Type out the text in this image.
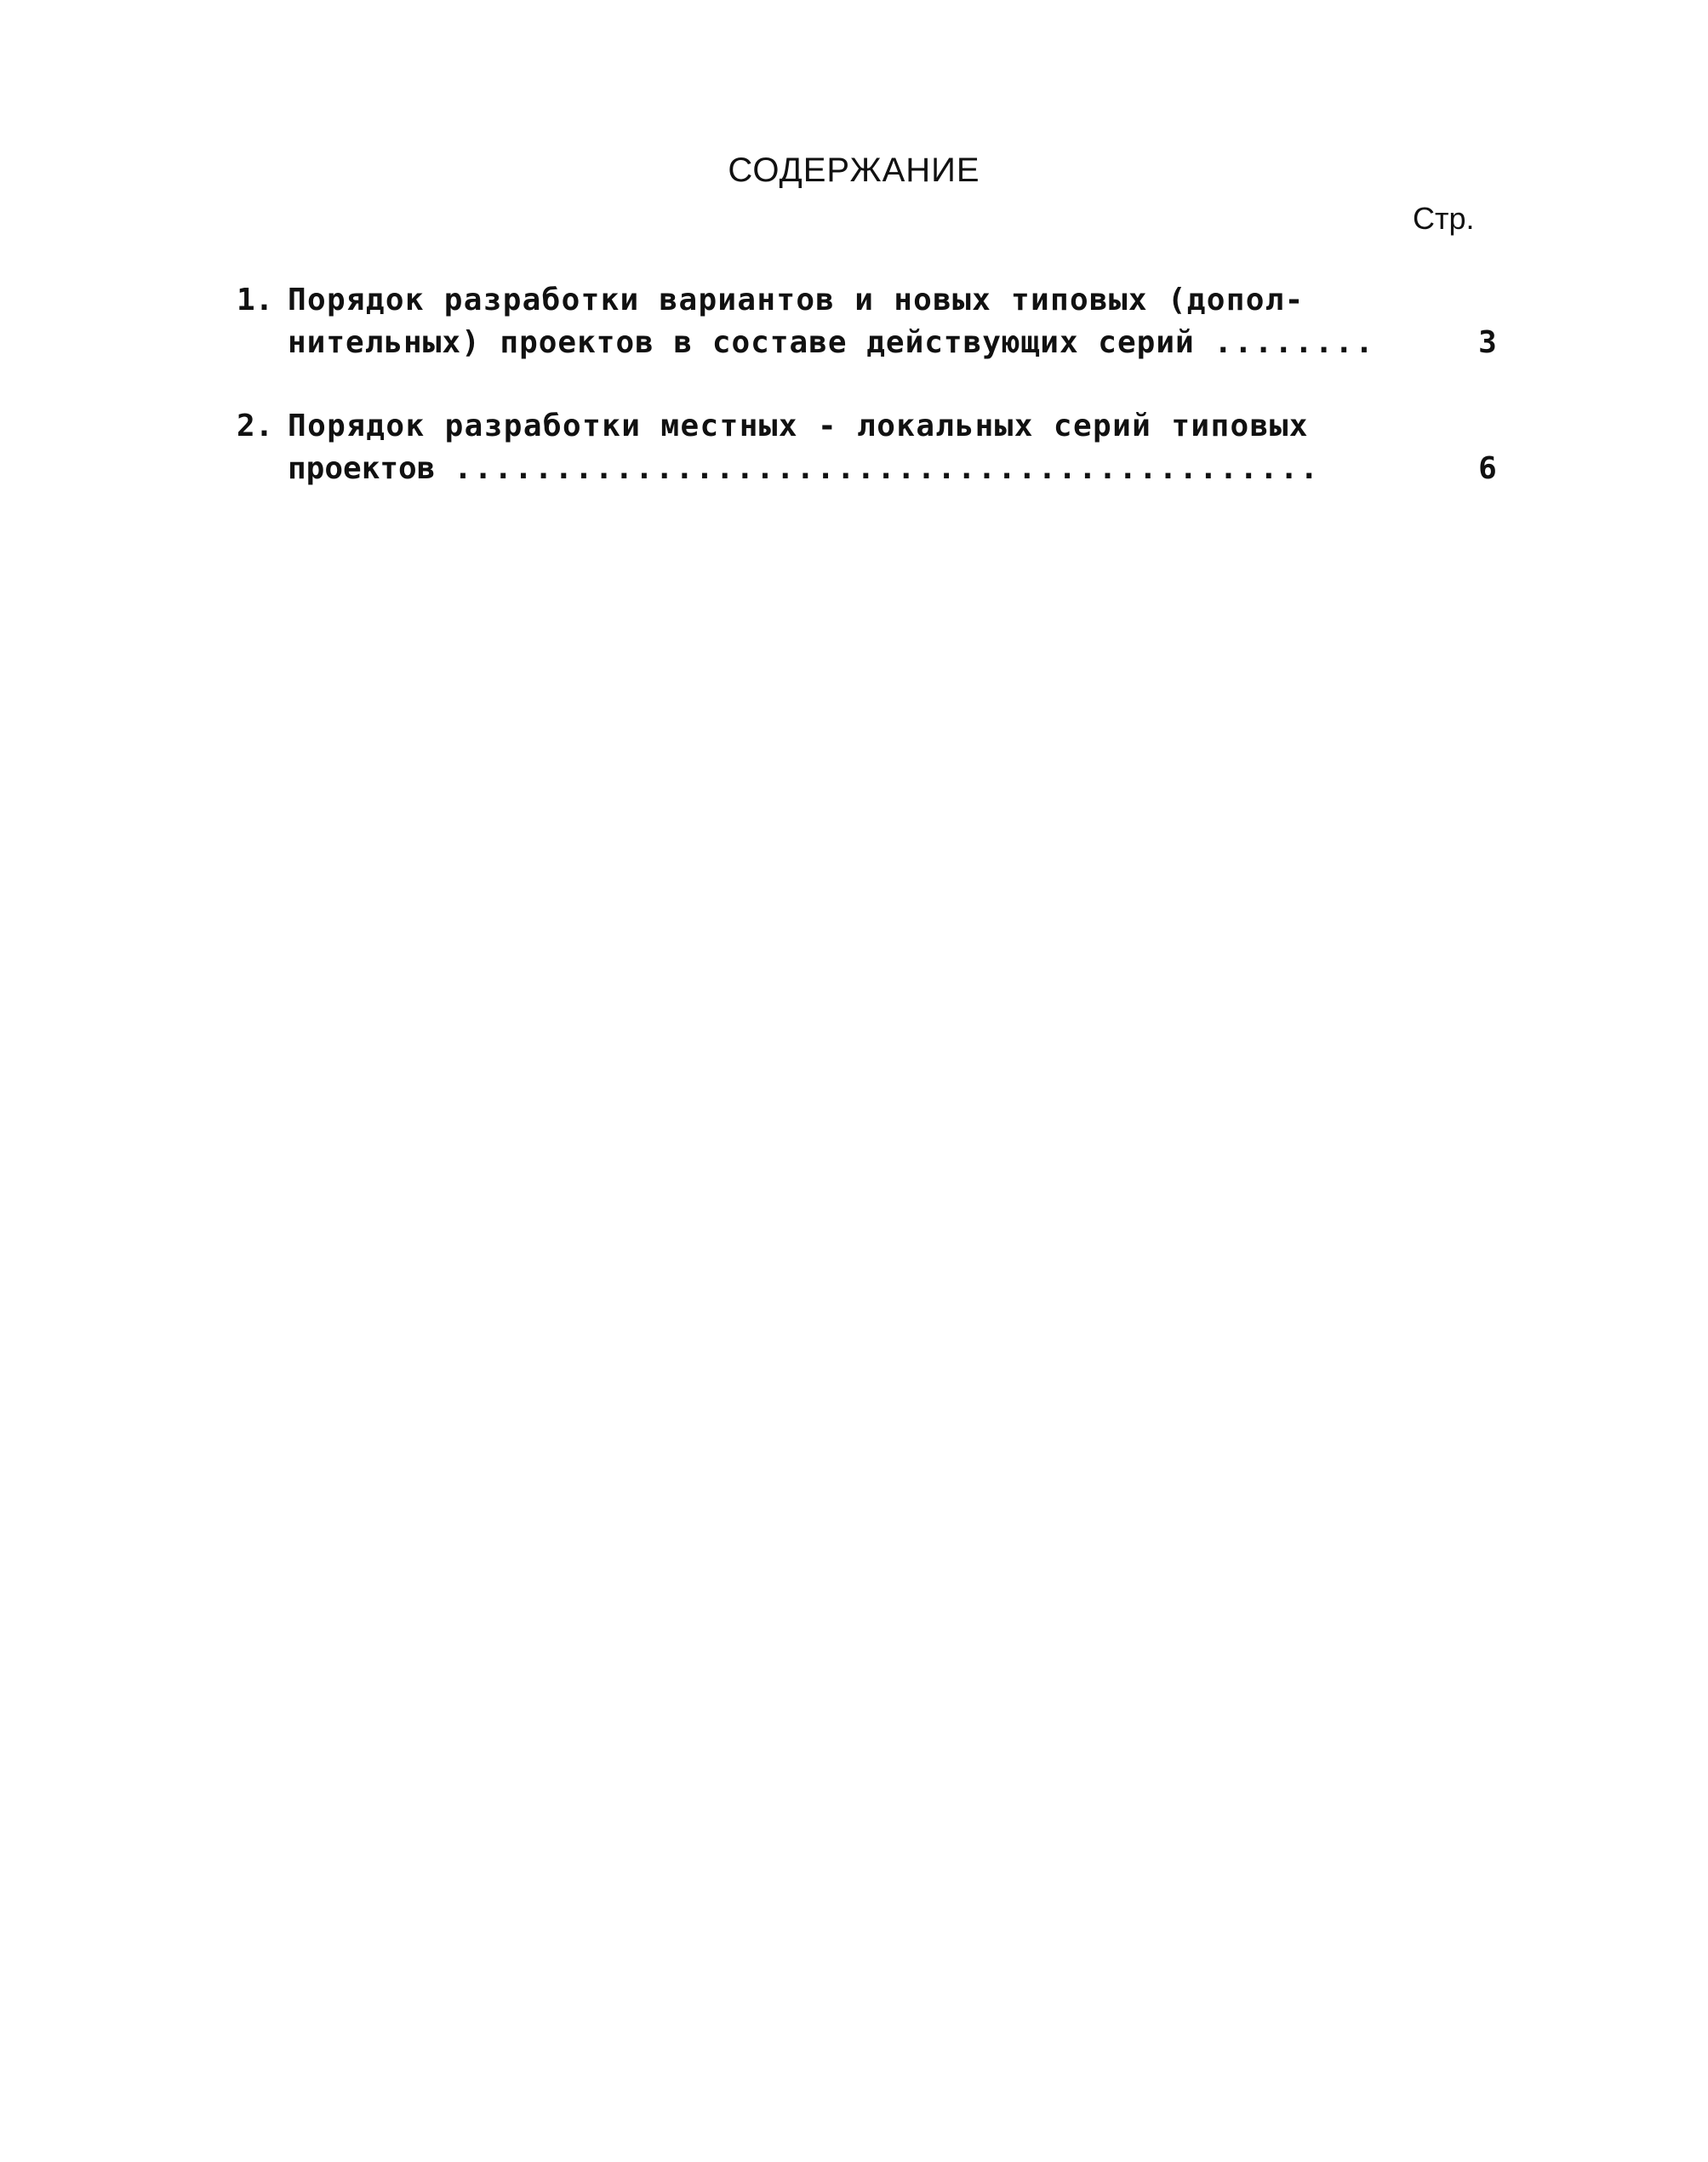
СОДЕРЖАНИЕ
Стр.
1. Порядок разработки вариантов и новых типовых (допол-
нительных) проектов в составе действующих серий ........	3
2. Порядок разработки местных - локальных серий типовых
проектов ...........................................	6
